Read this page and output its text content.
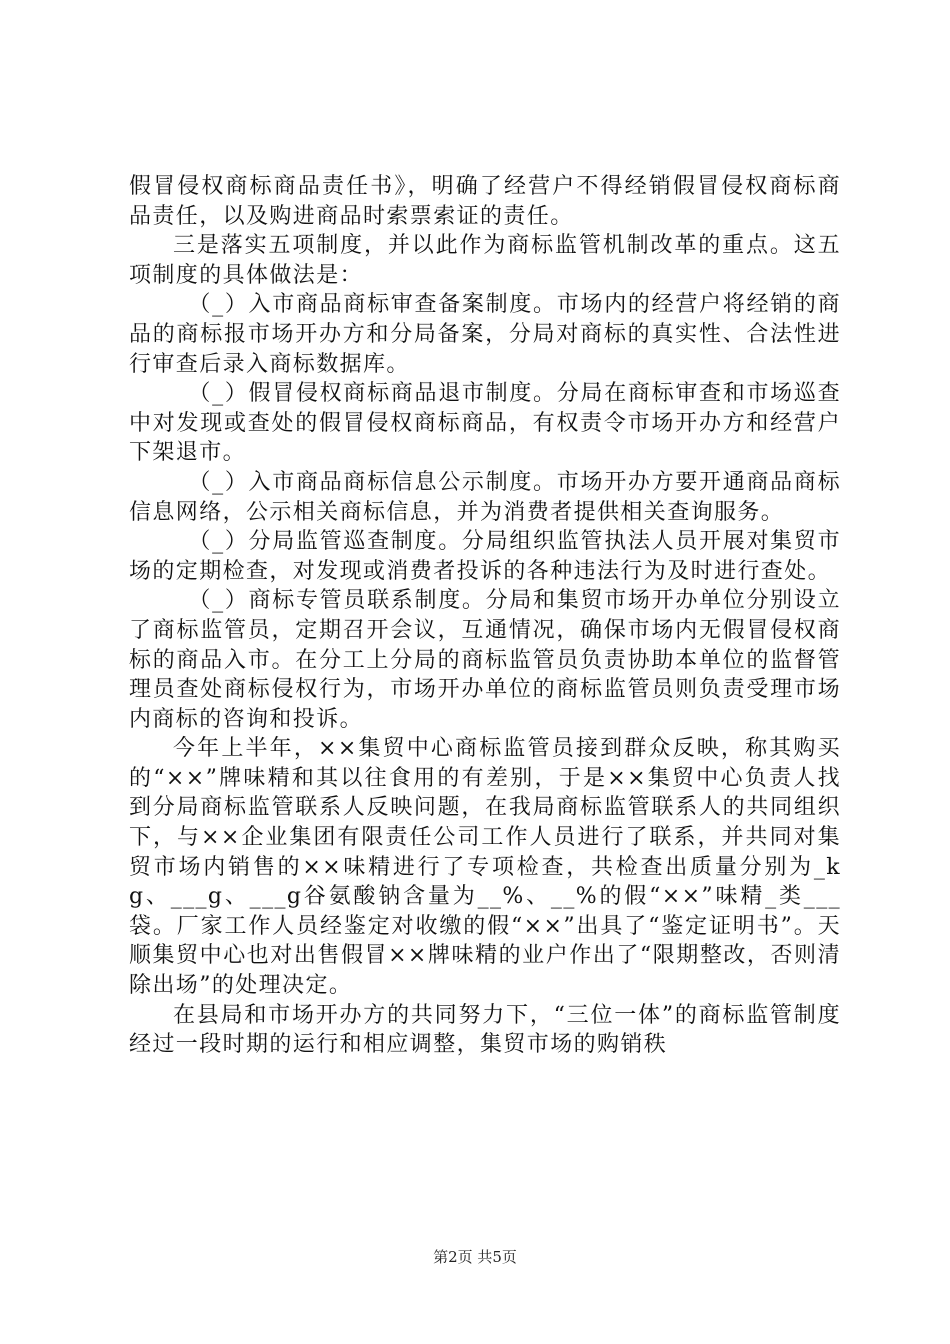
假冒侵权商标商品责任书》，明确了经营户不得经销假冒侵权商标商品责任，以及购进商品时索票索证的责任。

三是落实五项制度，并以此作为商标监管机制改革的重点。这五项制度的具体做法是：

（_）入市商品商标审查备案制度。市场内的经营户将经销的商品的商标报市场开办方和分局备案，分局对商标的真实性、合法性进行审查后录入商标数据库。

（_）假冒侵权商标商品退市制度。分局在商标审查和市场巡查中对发现或查处的假冒侵权商标商品，有权责令市场开办方和经营户下架退市。

（_）入市商品商标信息公示制度。市场开办方要开通商品商标信息网络，公示相关商标信息，并为消费者提供相关查询服务。

（_）分局监管巡查制度。分局组织监管执法人员开展对集贸市场的定期检查，对发现或消费者投诉的各种违法行为及时进行查处。

（_）商标专管员联系制度。分局和集贸市场开办单位分别设立了商标监管员，定期召开会议，互通情况，确保市场内无假冒侵权商标的商品入市。在分工上分局的商标监管员负责协助本单位的监督管理员查处商标侵权行为，市场开办单位的商标监管员则负责受理市场内商标的咨询和投诉。

今年上半年，××集贸中心商标监管员接到群众反映，称其购买的“××”牌味精和其以往食用的有差别，于是××集贸中心负责人找到分局商标监管联系人反映问题，在我局商标监管联系人的共同组织下，与××企业集团有限责任公司工作人员进行了联系，并共同对集贸市场内销售的××味精进行了专项检查，共检查出质量分别为_kg、___g、___g谷氨酸钠含量为__%、__%的假“××”味精_类___袋。厂家工作人员经鉴定对收缴的假“××”出具了“鉴定证明书”。天顺集贸中心也对出售假冒××牌味精的业户作出了“限期整改，否则清除出场”的处理决定。

在县局和市场开办方的共同努力下，“三位一体”的商标监管制度经过一段时期的运行和相应调整，集贸市场的购销秩

第2页 共5页
